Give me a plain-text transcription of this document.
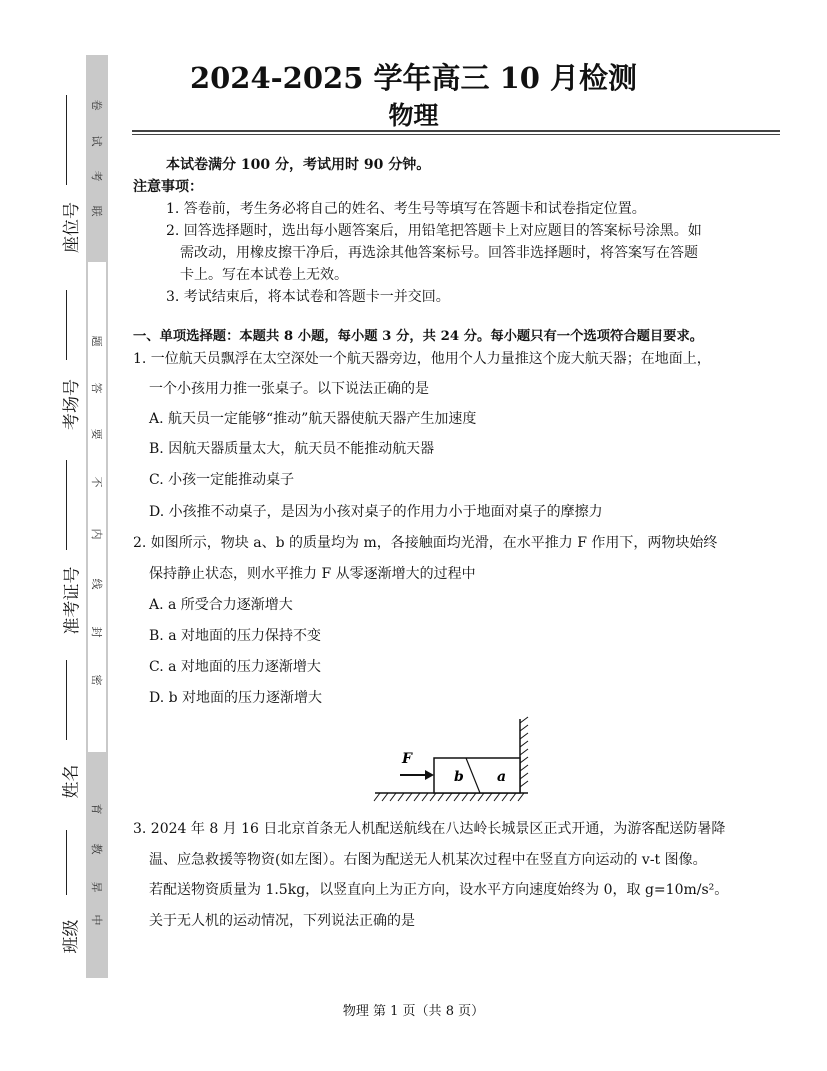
联
考
试
卷
密
封
线
内
不
要
答
题
中
昇
教
育
座位号
考场号
准考证号
姓名
班级
2024-2025 学年高三 10 月检测
物理
本试卷满分 100 分，考试用时 90 分钟。
注意事项：
1. 答卷前，考生务必将自己的姓名、考生号等填写在答题卡和试卷指定位置。
2. 回答选择题时，选出每小题答案后，用铅笔把答题卡上对应题目的答案标号涂黑。如
需改动，用橡皮擦干净后，再选涂其他答案标号。回答非选择题时，将答案写在答题
卡上。写在本试卷上无效。
3. 考试结束后，将本试卷和答题卡一并交回。
一、单项选择题：本题共 8 小题，每小题 3 分，共 24 分。每小题只有一个选项符合题目要求。
1. 一位航天员飘浮在太空深处一个航天器旁边，他用个人力量推这个庞大航天器；在地面上，
一个小孩用力推一张桌子。以下说法正确的是
A. 航天员一定能够“推动”航天器使航天器产生加速度
B. 因航天器质量太大，航天员不能推动航天器
C. 小孩一定能推动桌子
D. 小孩推不动桌子，是因为小孩对桌子的作用力小于地面对桌子的摩擦力
2. 如图所示，物块 a、b 的质量均为 m，各接触面均光滑，在水平推力 F 作用下，两物块始终
保持静止状态，则水平推力 F 从零逐渐增大的过程中
A. a 所受合力逐渐增大
B. a 对地面的压力保持不变
C. a 对地面的压力逐渐增大
D. b 对地面的压力逐渐增大
b a
F
3. 2024 年 8 月 16 日北京首条无人机配送航线在八达岭长城景区正式开通，为游客配送防暑降
温、应急救援等物资(如左图）。右图为配送无人机某次过程中在竖直方向运动的 v-t 图像。
若配送物资质量为 1.5kg，以竖直向上为正方向，设水平方向速度始终为 0，取 g=10m/s²。
关于无人机的运动情况，下列说法正确的是
物理 第 1 页（共 8 页）
